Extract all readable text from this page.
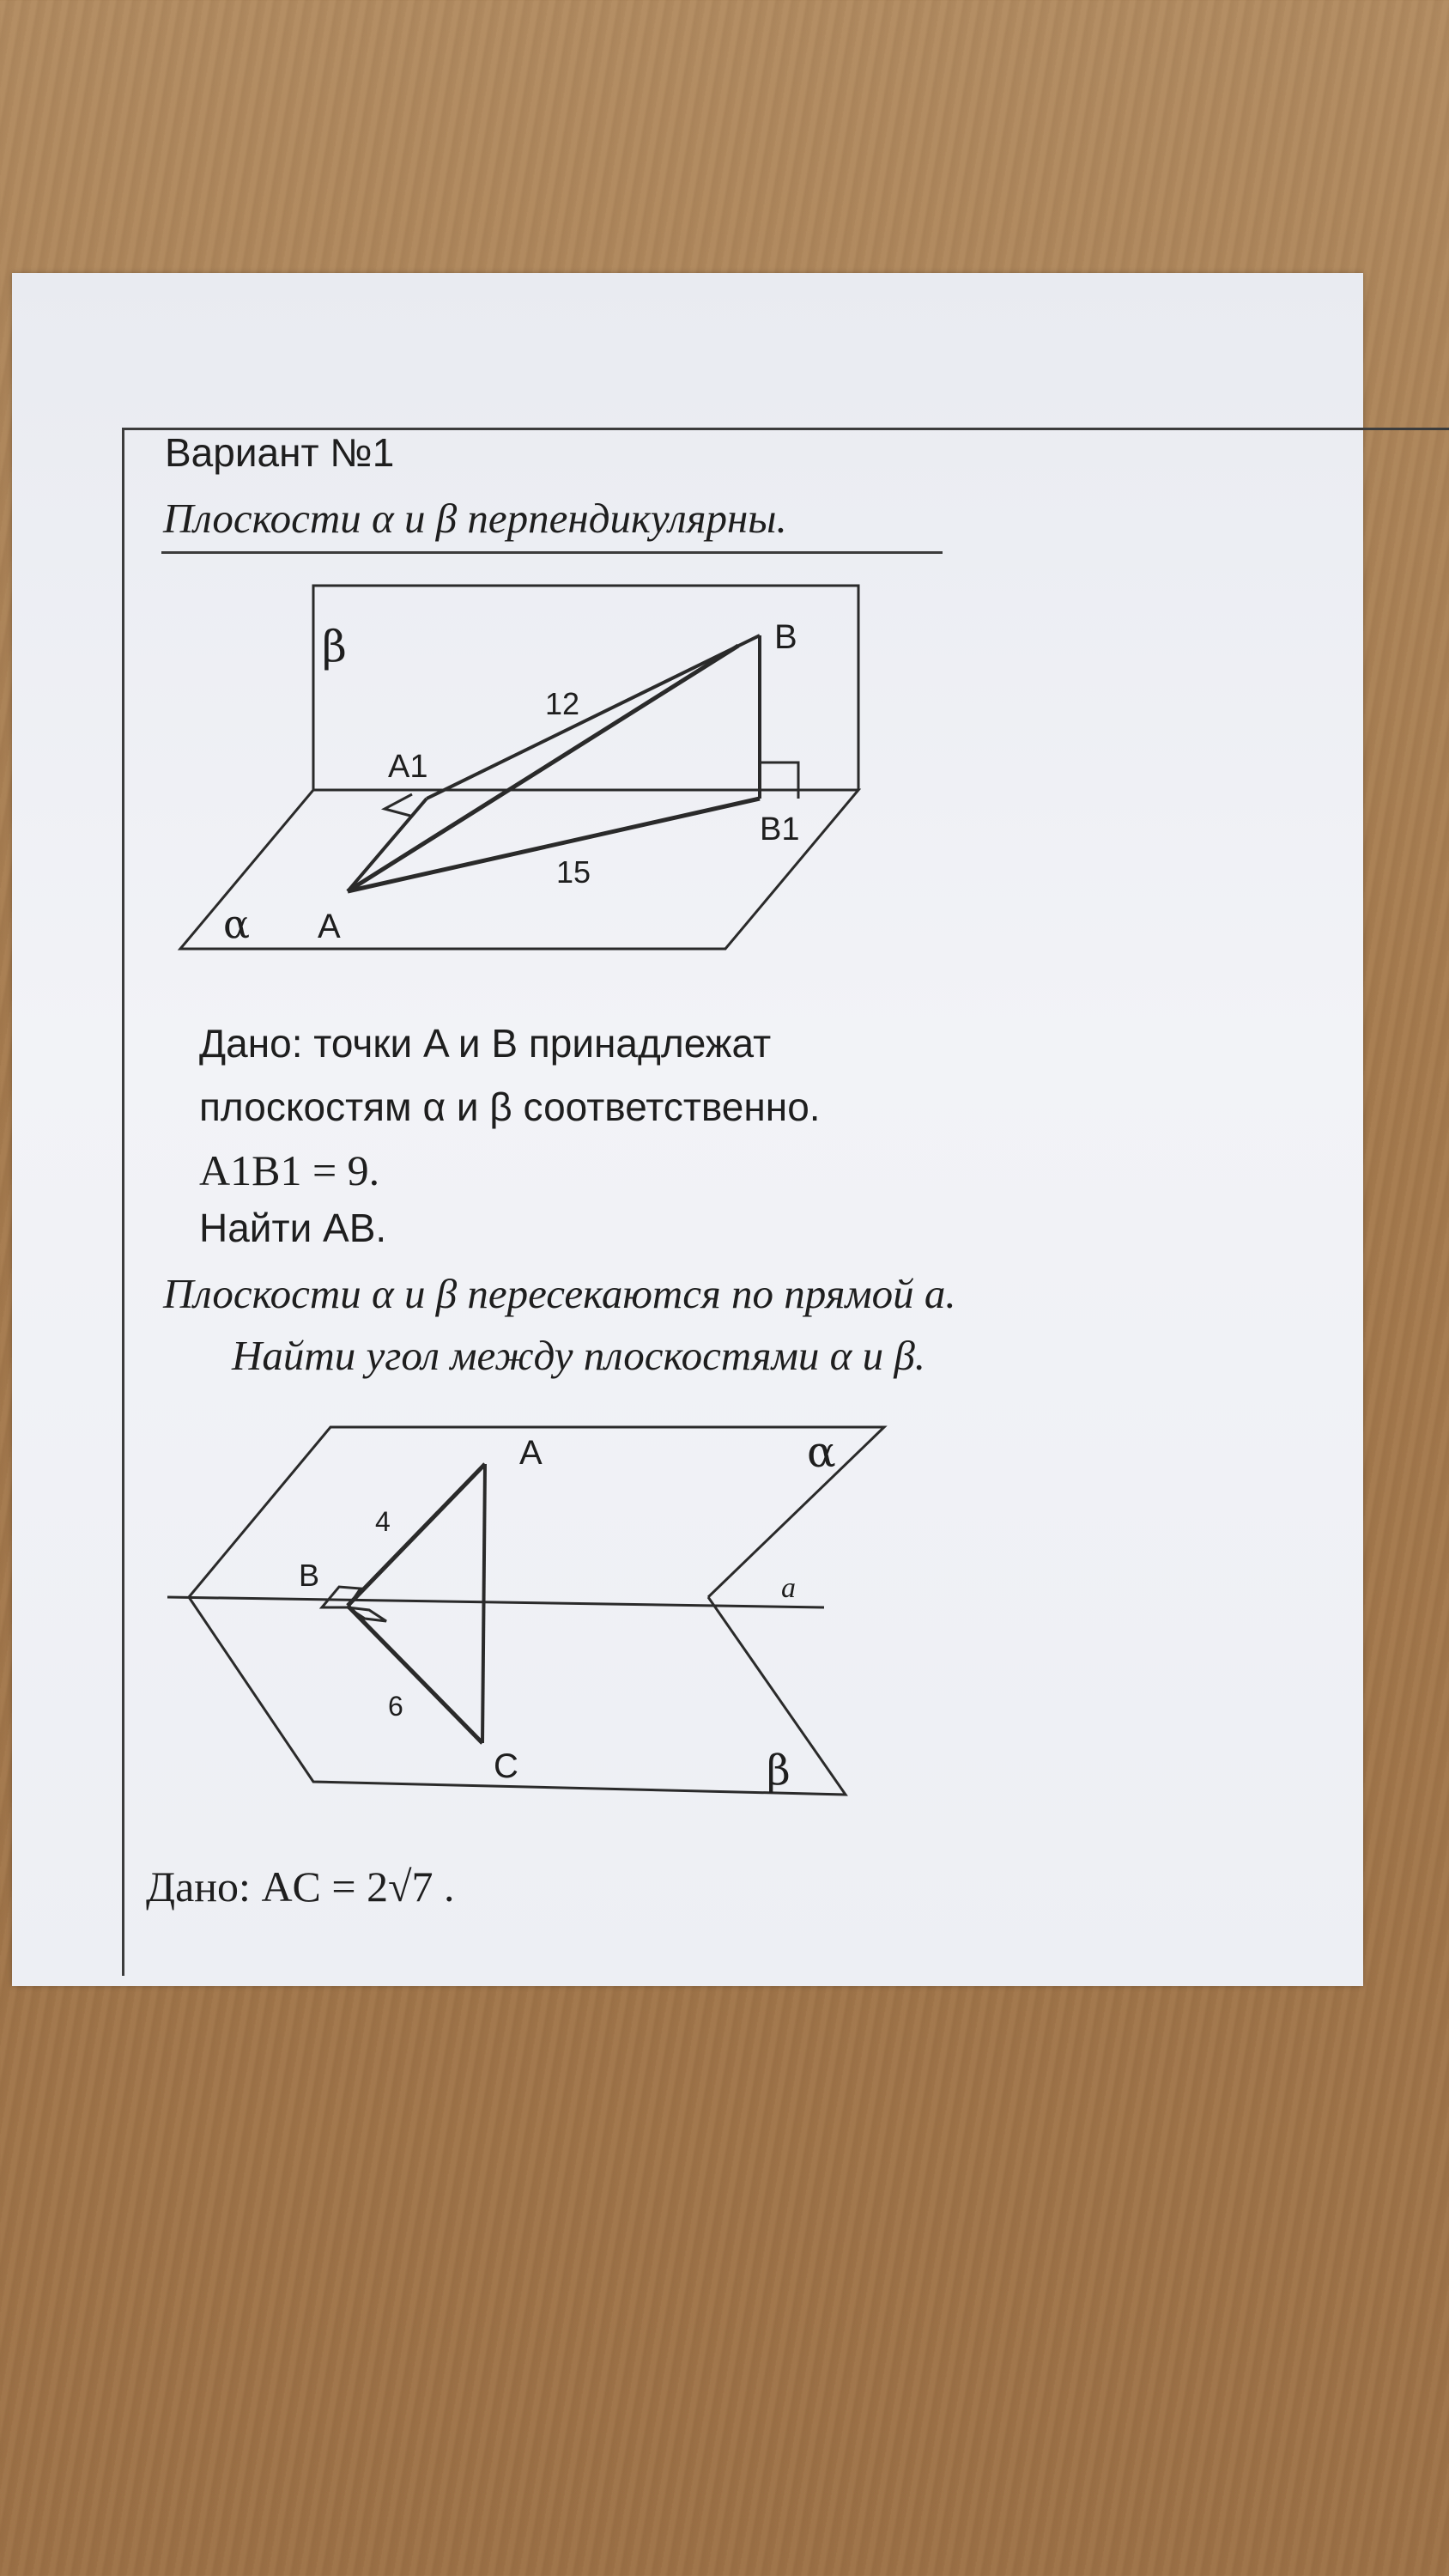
Вариант №1
Плоскости α и β перпендикулярны.
β	B
12
A1
B1
15
α A
A	α
4
B	a
6
C	β
Дано: точки A и B принадлежат
плоскостям α и β соответственно.
A1B1 = 9.
Найти AB.
Плоскости α и β пересекаются по прямой a.
Найти угол между плоскостями α и β.
Дано: AC = 2√7 .
